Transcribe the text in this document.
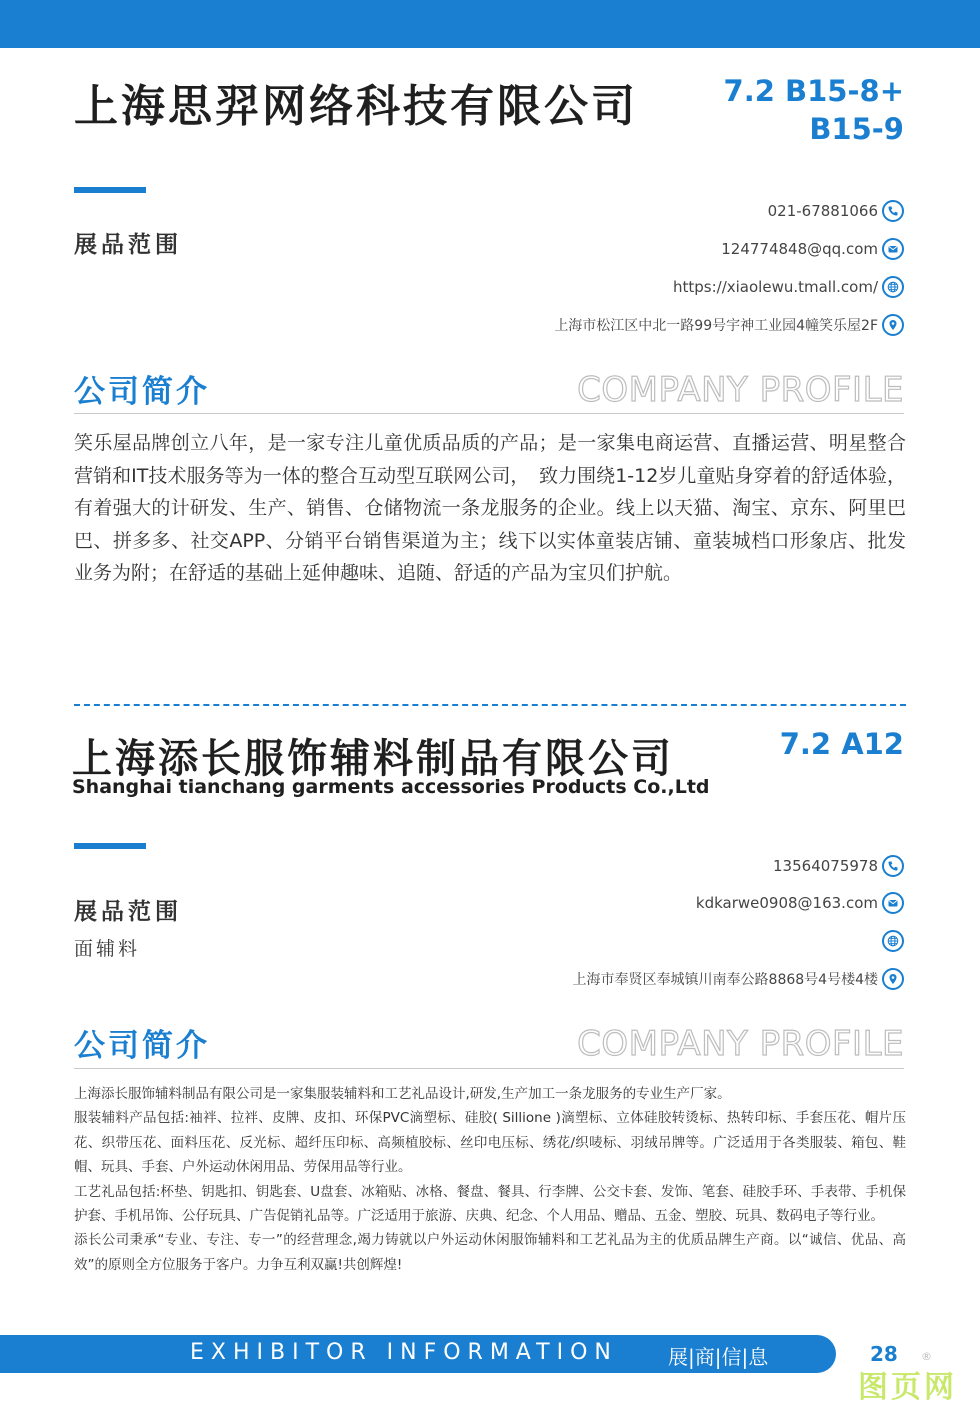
上海思羿网络科技有限公司	7.2 B15-8+
B15-9
展品范围
021-67881066
124774848@qq.com
https://xiaolewu.tmall.com/
上海市松江区中北一路99号宇神工业园4幢笑乐屋2F
公司简介	COMPANY PROFILE
笑乐屋品牌创立八年，是一家专注儿童优质品质的产品；是一家集电商运营、直播运营、明星整合营销和IT技术服务等为一体的整合互动型互联网公司，　致力围绕1-12岁儿童贴身穿着的舒适体验，有着强大的计研发、生产、销售、仓储物流一条龙服务的企业。线上以天猫、淘宝、京东、阿里巴巴、拼多多、社交APP、分销平台销售渠道为主；线下以实体童装店铺、童装城档口形象店、批发业务为附；在舒适的基础上延伸趣味、追随、舒适的产品为宝贝们护航。
上海添长服饰辅料制品有限公司
Shanghai tianchang garments accessories Products Co.,Ltd
7.2 A12
展品范围
面辅料
13564075978
kdkarwe0908@163.com
上海市奉贤区奉城镇川南奉公路8868号4号楼4楼
公司简介	COMPANY PROFILE

上海添长服饰辅料制品有限公司是一家集服装辅料和工艺礼品设计,研发,生产加工一条龙服务的专业生产厂家。

服装辅料产品包括:袖袢、拉袢、皮牌、皮扣、环保PVC滴塑标、硅胶( Sillione )滴塑标、立体硅胶转烫标、热转印标、手套压花、帽片压花、织带压花、面料压花、反光标、超纤压印标、高频植胶标、丝印电压标、绣花/织唛标、羽绒吊牌等。广泛适用于各类服装、箱包、鞋帽、玩具、手套、户外运动休闲用品、劳保用品等行业。

工艺礼品包括:杯垫、钥匙扣、钥匙套、U盘套、冰箱贴、冰格、餐盘、餐具、行李牌、公交卡套、发饰、笔套、硅胶手环、手表带、手机保护套、手机吊饰、公仔玩具、广告促销礼品等。广泛适用于旅游、庆典、纪念、个人用品、赠品、五金、塑胶、玩具、数码电子等行业。

添长公司秉承“专业、专注、专一”的经营理念,竭力铸就以户外运动休闲服饰辅料和工艺礼品为主的优质品牌生产商。以“诚信、优品、高效”的原则全方位服务于客户。力争互利双赢!共创辉煌!

EXHIBITOR INFORMATION	展|商|信|息	28 ®
图页网
